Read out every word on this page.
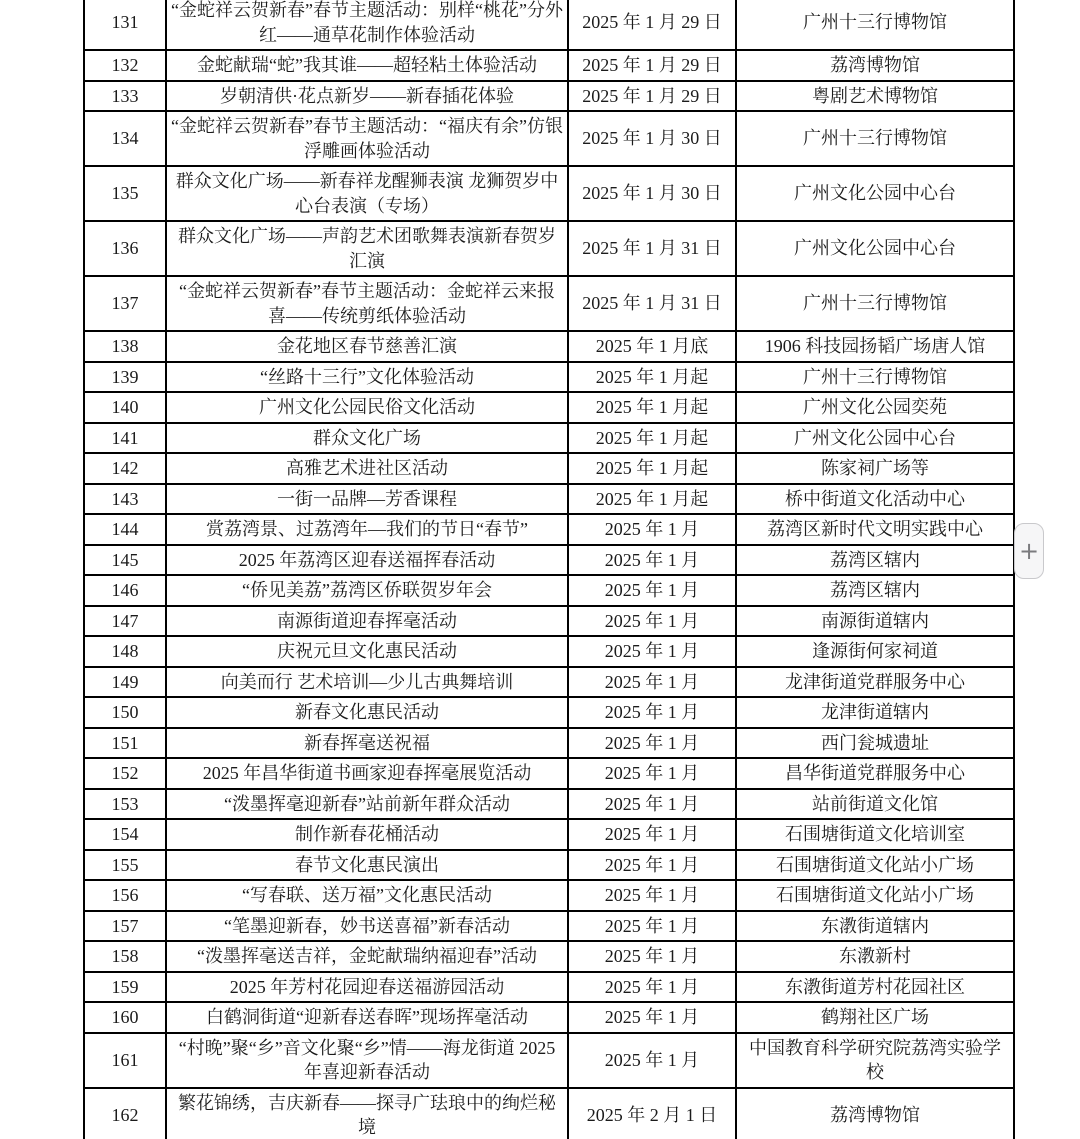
131	“金蛇祥云贺新春”春节主题活动：别样“桃花”分外红——通草花制作体验活动	2025 年 1 月 29 日	广州十三行博物馆
132	金蛇献瑞“蛇”我其谁——超轻粘土体验活动	2025 年 1 月 29 日	荔湾博物馆
133	岁朝清供·花点新岁——新春插花体验	2025 年 1 月 29 日	粤剧艺术博物馆
134	“金蛇祥云贺新春”春节主题活动：“福庆有余”仿银浮雕画体验活动	2025 年 1 月 30 日	广州十三行博物馆
135	群众文化广场——新春祥龙醒狮表演 龙狮贺岁中心台表演（专场）	2025 年 1 月 30 日	广州文化公园中心台
136	群众文化广场——声韵艺术团歌舞表演新春贺岁汇演	2025 年 1 月 31 日	广州文化公园中心台
137	“金蛇祥云贺新春”春节主题活动：金蛇祥云来报喜——传统剪纸体验活动	2025 年 1 月 31 日	广州十三行博物馆
138	金花地区春节慈善汇演	2025 年 1 月底	1906 科技园扬韬广场唐人馆
139	“丝路十三行”文化体验活动	2025 年 1 月起	广州十三行博物馆
140	广州文化公园民俗文化活动	2025 年 1 月起	广州文化公园奕苑
141	群众文化广场	2025 年 1 月起	广州文化公园中心台
142	高雅艺术进社区活动	2025 年 1 月起	陈家祠广场等
143	一街一品牌—芳香课程	2025 年 1 月起	桥中街道文化活动中心
144	赏荔湾景、过荔湾年—我们的节日“春节”	2025 年 1 月	荔湾区新时代文明实践中心
145	2025 年荔湾区迎春送福挥春活动	2025 年 1 月	荔湾区辖内
146	“侨见美荔”荔湾区侨联贺岁年会	2025 年 1 月	荔湾区辖内
147	南源街道迎春挥毫活动	2025 年 1 月	南源街道辖内
148	庆祝元旦文化惠民活动	2025 年 1 月	逢源街何家祠道
149	向美而行 艺术培训—少儿古典舞培训	2025 年 1 月	龙津街道党群服务中心
150	新春文化惠民活动	2025 年 1 月	龙津街道辖内
151	新春挥毫送祝福	2025 年 1 月	西门瓮城遗址
152	2025 年昌华街道书画家迎春挥毫展览活动	2025 年 1 月	昌华街道党群服务中心
153	“泼墨挥毫迎新春”站前新年群众活动	2025 年 1 月	站前街道文化馆
154	制作新春花桶活动	2025 年 1 月	石围塘街道文化培训室
155	春节文化惠民演出	2025 年 1 月	石围塘街道文化站小广场
156	“写春联、送万福”文化惠民活动	2025 年 1 月	石围塘街道文化站小广场
157	“笔墨迎新春，妙书送喜福”新春活动	2025 年 1 月	东漖街道辖内
158	“泼墨挥毫送吉祥，金蛇献瑞纳福迎春”活动	2025 年 1 月	东漖新村
159	2025 年芳村花园迎春送福游园活动	2025 年 1 月	东漖街道芳村花园社区
160	白鹤洞街道“迎新春送春晖”现场挥毫活动	2025 年 1 月	鹤翔社区广场
161	“村晚”聚“乡”音文化聚“乡”情——海龙街道 2025 年喜迎新春活动	2025 年 1 月	中国教育科学研究院荔湾实验学校
162	繁花锦绣，吉庆新春——探寻广珐琅中的绚烂秘境	2025 年 2 月 1 日	荔湾博物馆
+
